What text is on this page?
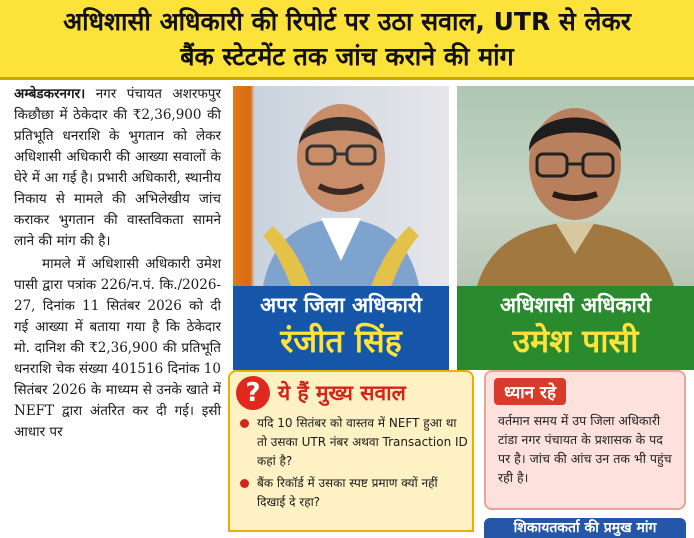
अधिशासी अधिकारी की रिपोर्ट पर उठा सवाल, UTR से लेकर
बैंक स्टेटमेंट तक जांच कराने की मांग

अम्बेडकरनगर। नगर पंचायत अशरफपुर किछौछा में ठेकेदार की ₹2,36,900 की प्रतिभूति धनराशि के भुगतान को लेकर अधिशासी अधिकारी की आख्या सवालों के घेरे में आ गई है। प्रभारी अधिकारी, स्थानीय निकाय से मामले की अभिलेखीय जांच कराकर भुगतान की वास्तविकता सामने लाने की मांग की है।

मामले में अधिशासी अधिकारी उमेश पासी द्वारा पत्रांक 226/न.पं. कि./2026-27, दिनांक 11 सितंबर 2026 को दी गई आख्या में बताया गया है कि ठेकेदार मो. दानिश की ₹2,36,900 की प्रतिभूति धनराशि चेक संख्या 401516 दिनांक 10 सितंबर 2026 के माध्यम से उनके खाते में NEFT द्वारा अंतरित कर दी गई। इसी आधार पर

अपर जिला अधिकारी
रंजीत सिंह
अधिशासी अधिकारी
उमेश पासी
? ये हैं मुख्य सवाल
यदि 10 सितंबर को वास्तव में NEFT हुआ था तो उसका UTR नंबर अथवा Transaction ID कहां है?
बैंक रिकॉर्ड में उसका स्पष्ट प्रमाण क्यों नहीं दिखाई दे रहा?
ध्यान रहे
वर्तमान समय में उप जिला अधिकारी टांडा नगर पंचायत के प्रशासक के पद पर है। जांच की आंच उन तक भी पहुंच रही है।
शिकायतकर्ता की प्रमुख मांग
